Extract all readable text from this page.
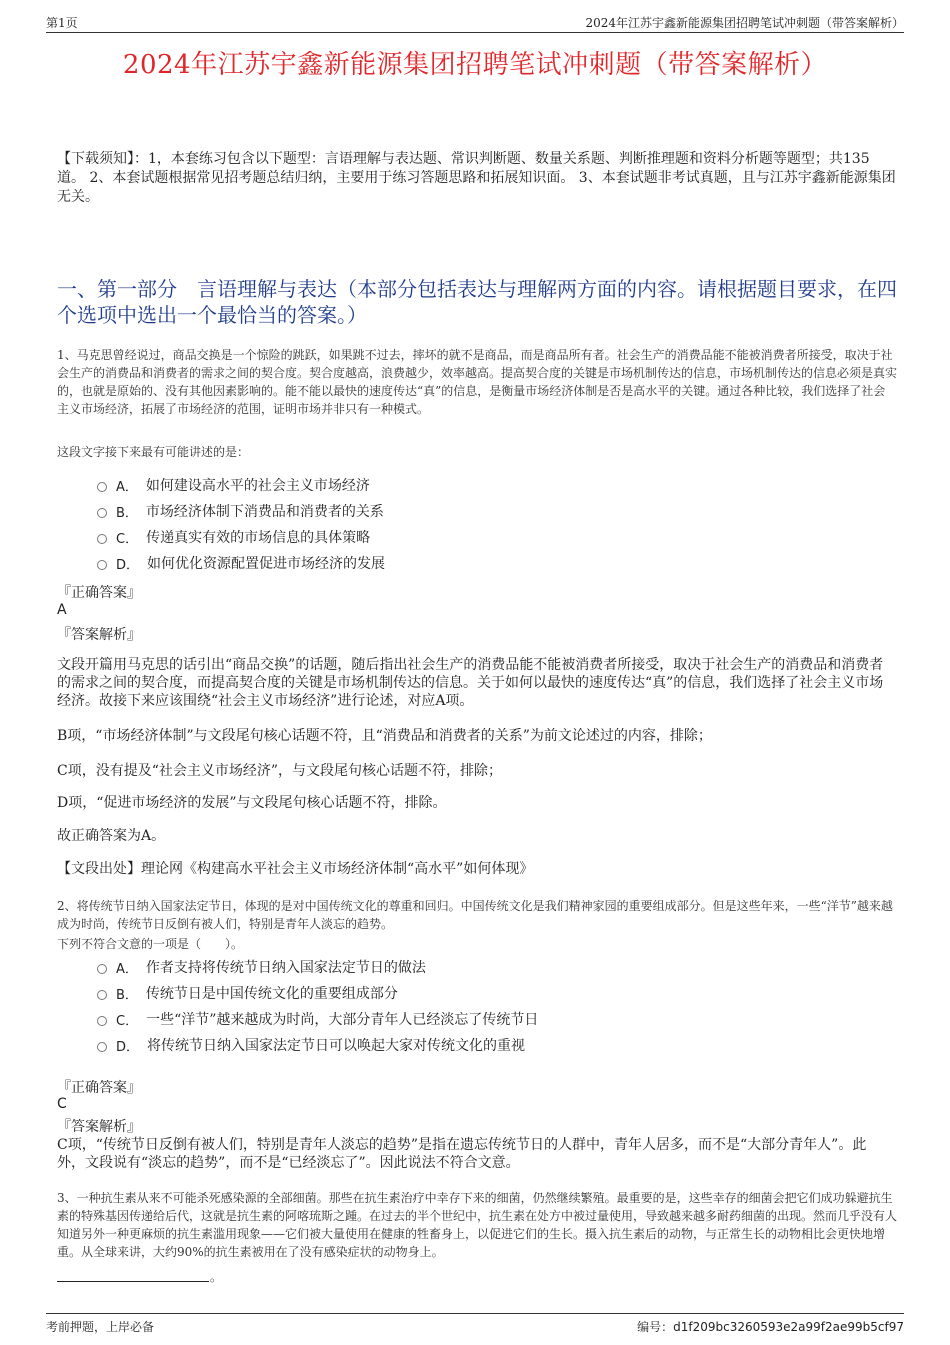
第1页	2024年江苏宇鑫新能源集团招聘笔试冲刺题（带答案解析）
2024年江苏宇鑫新能源集团招聘笔试冲刺题（带答案解析）
【下载须知】：1，本套练习包含以下题型：言语理解与表达题、常识判断题、数量关系题、判断推理题和资料分析题等题型；共135道。 2、本套试题根据常见招考题总结归纳，主要用于练习答题思路和拓展知识面。 3、本套试题非考试真题，且与江苏宇鑫新能源集团无关。
一、第一部分　言语理解与表达（本部分包括表达与理解两方面的内容。请根据题目要求，在四个选项中选出一个最恰当的答案。）
1、马克思曾经说过，商品交换是一个惊险的跳跃，如果跳不过去，摔坏的就不是商品，而是商品所有者。社会生产的消费品能不能被消费者所接受，取决于社会生产的消费品和消费者的需求之间的契合度。契合度越高，浪费越少，效率越高。提高契合度的关键是市场机制传达的信息，市场机制传达的信息必须是真实的，也就是原始的、没有其他因素影响的。能不能以最快的速度传达“真”的信息，是衡量市场经济体制是否是高水平的关键。通过各种比较，我们选择了社会主义市场经济，拓展了市场经济的范围，证明市场并非只有一种模式。
这段文字接下来最有可能讲述的是：
A． 如何建设高水平的社会主义市场经济
B． 市场经济体制下消费品和消费者的关系
C． 传递真实有效的市场信息的具体策略
D． 如何优化资源配置促进市场经济的发展
『正确答案』
A
『答案解析』
文段开篇用马克思的话引出“商品交换”的话题，随后指出社会生产的消费品能不能被消费者所接受，取决于社会生产的消费品和消费者的需求之间的契合度，而提高契合度的关键是市场机制传达的信息。关于如何以最快的速度传达“真”的信息，我们选择了社会主义市场经济。故接下来应该围绕“社会主义市场经济”进行论述，对应A项。
B项，“市场经济体制”与文段尾句核心话题不符，且“消费品和消费者的关系”为前文论述过的内容，排除；
C项，没有提及“社会主义市场经济”，与文段尾句核心话题不符，排除；
D项，“促进市场经济的发展”与文段尾句核心话题不符，排除。
故正确答案为A。
【文段出处】理论网《构建高水平社会主义市场经济体制“高水平”如何体现》
2、将传统节日纳入国家法定节日，体现的是对中国传统文化的尊重和回归。中国传统文化是我们精神家园的重要组成部分。但是这些年来，一些“洋节”越来越成为时尚，传统节日反倒有被人们，特别是青年人淡忘的趋势。
下列不符合文意的一项是（　　）。
A． 作者支持将传统节日纳入国家法定节日的做法
B． 传统节日是中国传统文化的重要组成部分
C． 一些“洋节”越来越成为时尚，大部分青年人已经淡忘了传统节日
D． 将传统节日纳入国家法定节日可以唤起大家对传统文化的重视
『正确答案』
C
『答案解析』
C项，“传统节日反倒有被人们，特别是青年人淡忘的趋势”是指在遗忘传统节日的人群中，青年人居多，而不是“大部分青年人”。此外，文段说有“淡忘的趋势”，而不是“已经淡忘了”。因此说法不符合文意。
3、一种抗生素从来不可能杀死感染源的全部细菌。那些在抗生素治疗中幸存下来的细菌，仍然继续繁殖。最重要的是，这些幸存的细菌会把它们成功躲避抗生素的特殊基因传递给后代，这就是抗生素的阿喀琉斯之踵。在过去的半个世纪中，抗生素在处方中被过量使用，导致越来越多耐药细菌的出现。然而几乎没有人知道另外一种更麻烦的抗生素滥用现象——它们被大量使用在健康的牲畜身上，以促进它们的生长。摄入抗生素后的动物，与正常生长的动物相比会更快地增重。从全球来讲，大约90%的抗生素被用在了没有感染症状的动物身上。
。
考前押题，上岸必备	编号：d1f209bc3260593e2a99f2ae99b5cf97
